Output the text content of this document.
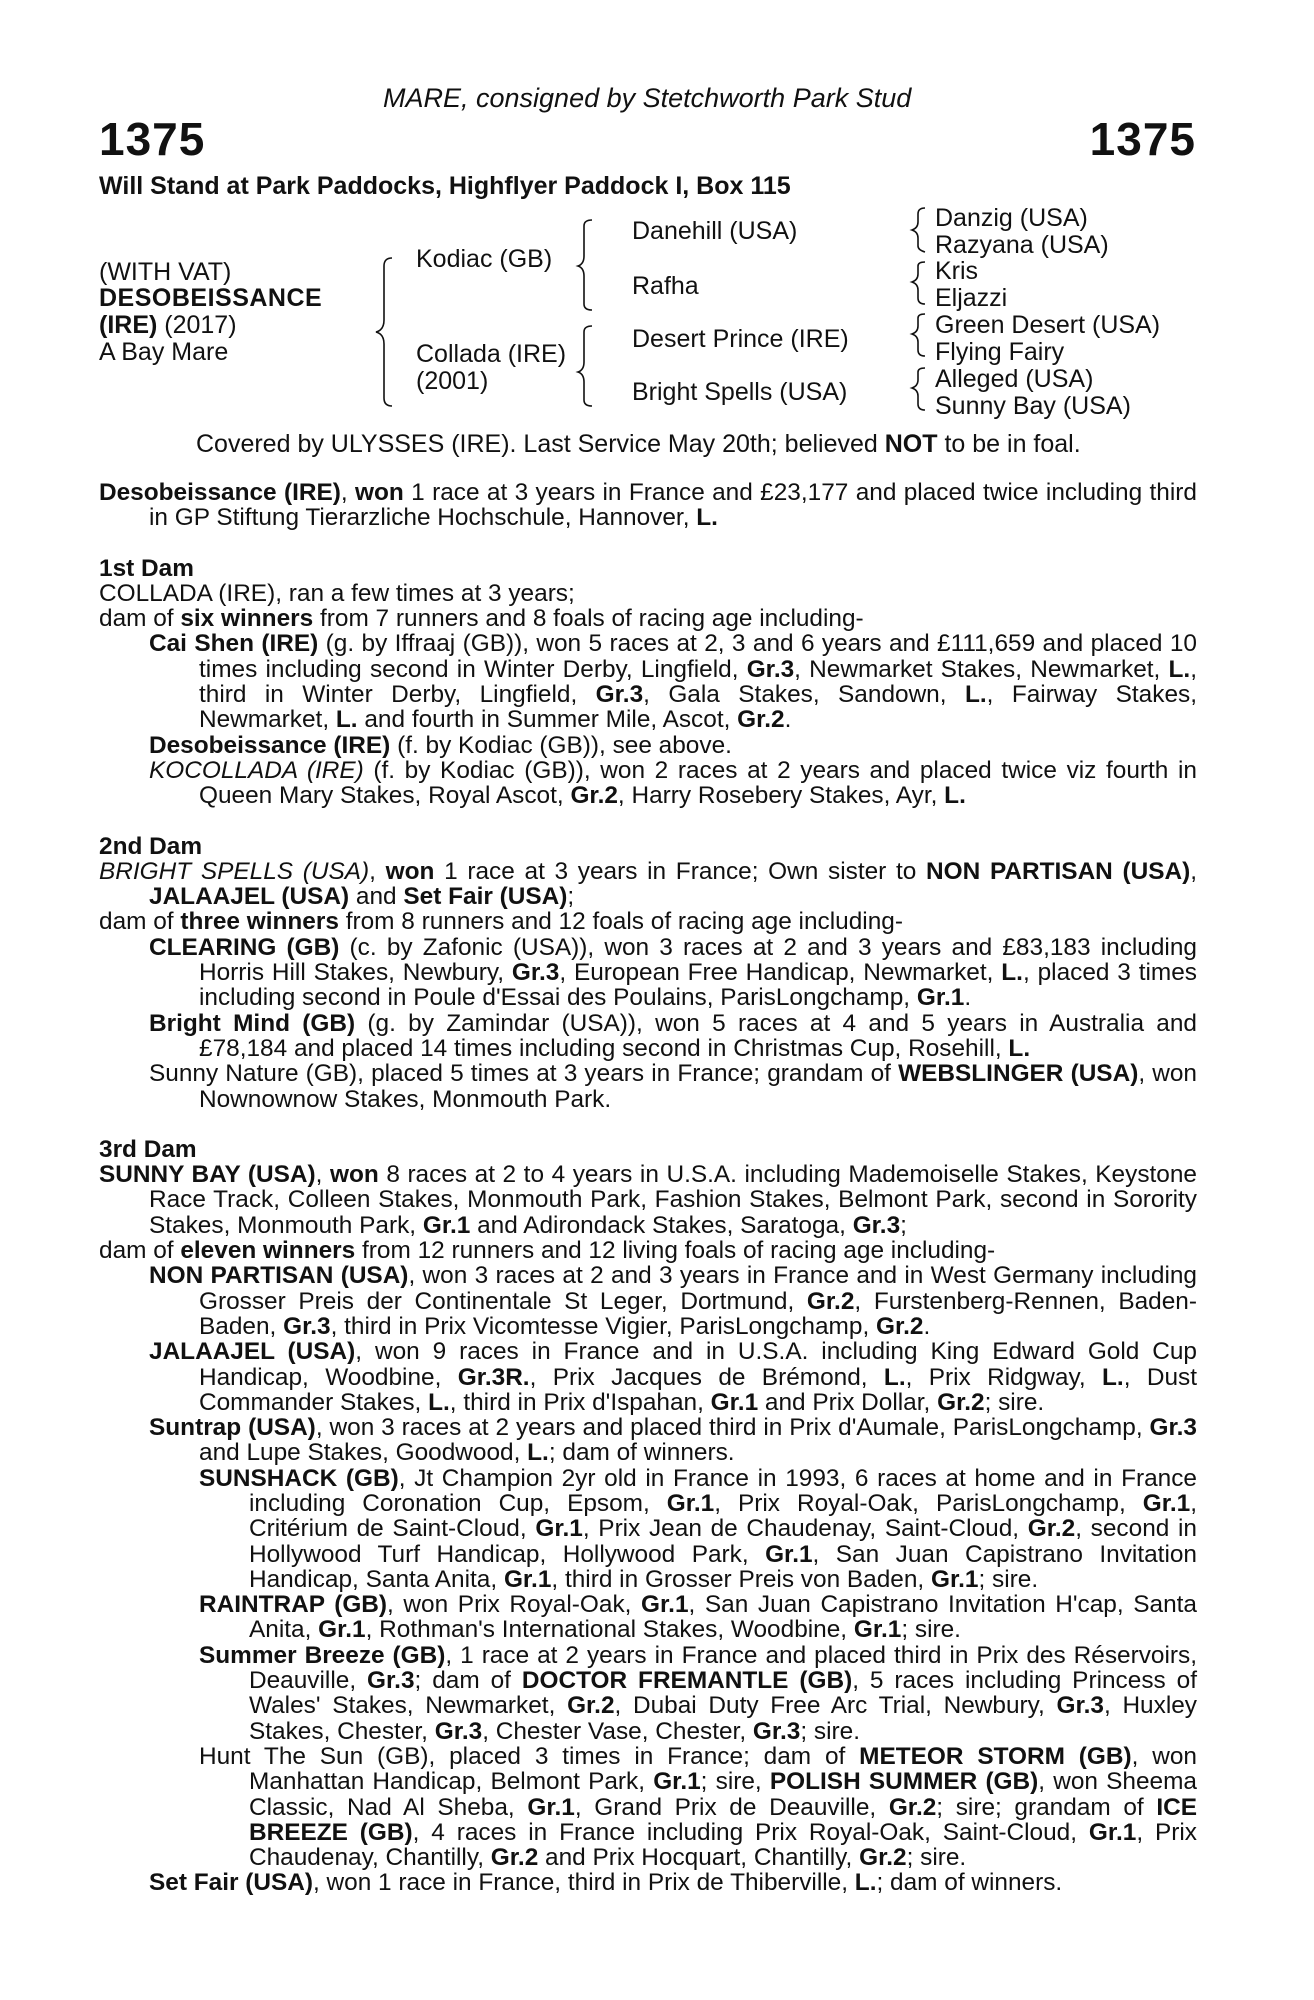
MARE, consigned by Stetchworth Park Stud
1375	1375
Will Stand at Park Paddocks, Highflyer Paddock I, Box 115
(WITH VAT)
DESOBEISSANCE
(IRE) (2017)
A Bay Mare
Kodiac (GB)
Collada (IRE)
(2001)
Danehill (USA)
Rafha
Desert Prince (IRE)
Bright Spells (USA)
Danzig (USA)
Razyana (USA)
Kris
Eljazzi
Green Desert (USA)
Flying Fairy
Alleged (USA)
Sunny Bay (USA)
Covered by ULYSSES (IRE). Last Service May 20th; believed NOT to be in foal.
Desobeissance (IRE), won 1 race at 3 years in France and £23,177 and placed twice including third in GP Stiftung Tierarzliche Hochschule, Hannover, L.
1st Dam
COLLADA (IRE), ran a few times at 3 years;
dam of six winners from 7 runners and 8 foals of racing age including-
Cai Shen (IRE) (g. by Iffraaj (GB)), won 5 races at 2, 3 and 6 years and £111,659 and placed 10 times including second in Winter Derby, Lingfield, Gr.3, Newmarket Stakes, Newmarket, L., third in Winter Derby, Lingfield, Gr.3, Gala Stakes, Sandown, L., Fairway Stakes, Newmarket, L. and fourth in Summer Mile, Ascot, Gr.2.
Desobeissance (IRE) (f. by Kodiac (GB)), see above.
KOCOLLADA (IRE) (f. by Kodiac (GB)), won 2 races at 2 years and placed twice viz fourth in Queen Mary Stakes, Royal Ascot, Gr.2, Harry Rosebery Stakes, Ayr, L.
2nd Dam
BRIGHT SPELLS (USA), won 1 race at 3 years in France; Own sister to NON PARTISAN (USA), JALAAJEL (USA) and Set Fair (USA);
dam of three winners from 8 runners and 12 foals of racing age including-
CLEARING (GB) (c. by Zafonic (USA)), won 3 races at 2 and 3 years and £83,183 including Horris Hill Stakes, Newbury, Gr.3, European Free Handicap, Newmarket, L., placed 3 times including second in Poule d'Essai des Poulains, ParisLongchamp, Gr.1.
Bright Mind (GB) (g. by Zamindar (USA)), won 5 races at 4 and 5 years in Australia and £78,184 and placed 14 times including second in Christmas Cup, Rosehill, L.
Sunny Nature (GB), placed 5 times at 3 years in France; grandam of WEBSLINGER (USA), won Nownownow Stakes, Monmouth Park.
3rd Dam
SUNNY BAY (USA), won 8 races at 2 to 4 years in U.S.A. including Mademoiselle Stakes, Keystone Race Track, Colleen Stakes, Monmouth Park, Fashion Stakes, Belmont Park, second in Sorority Stakes, Monmouth Park, Gr.1 and Adirondack Stakes, Saratoga, Gr.3;
dam of eleven winners from 12 runners and 12 living foals of racing age including-
NON PARTISAN (USA), won 3 races at 2 and 3 years in France and in West Germany including Grosser Preis der Continentale St Leger, Dortmund, Gr.2, Furstenberg-Rennen, Baden-Baden, Gr.3, third in Prix Vicomtesse Vigier, ParisLongchamp, Gr.2.
JALAAJEL (USA), won 9 races in France and in U.S.A. including King Edward Gold Cup Handicap, Woodbine, Gr.3R., Prix Jacques de Brémond, L., Prix Ridgway, L., Dust Commander Stakes, L., third in Prix d'Ispahan, Gr.1 and Prix Dollar, Gr.2; sire.
Suntrap (USA), won 3 races at 2 years and placed third in Prix d'Aumale, ParisLongchamp, Gr.3 and Lupe Stakes, Goodwood, L.; dam of winners.
SUNSHACK (GB), Jt Champion 2yr old in France in 1993, 6 races at home and in France including Coronation Cup, Epsom, Gr.1, Prix Royal-Oak, ParisLongchamp, Gr.1, Critérium de Saint-Cloud, Gr.1, Prix Jean de Chaudenay, Saint-Cloud, Gr.2, second in Hollywood Turf Handicap, Hollywood Park, Gr.1, San Juan Capistrano Invitation Handicap, Santa Anita, Gr.1, third in Grosser Preis von Baden, Gr.1; sire.
RAINTRAP (GB), won Prix Royal-Oak, Gr.1, San Juan Capistrano Invitation H'cap, Santa Anita, Gr.1, Rothman's International Stakes, Woodbine, Gr.1; sire.
Summer Breeze (GB), 1 race at 2 years in France and placed third in Prix des Réservoirs, Deauville, Gr.3; dam of DOCTOR FREMANTLE (GB), 5 races including Princess of Wales' Stakes, Newmarket, Gr.2, Dubai Duty Free Arc Trial, Newbury, Gr.3, Huxley Stakes, Chester, Gr.3, Chester Vase, Chester, Gr.3; sire.
Hunt The Sun (GB), placed 3 times in France; dam of METEOR STORM (GB), won Manhattan Handicap, Belmont Park, Gr.1; sire, POLISH SUMMER (GB), won Sheema Classic, Nad Al Sheba, Gr.1, Grand Prix de Deauville, Gr.2; sire; grandam of ICE BREEZE (GB), 4 races in France including Prix Royal-Oak, Saint-Cloud, Gr.1, Prix Chaudenay, Chantilly, Gr.2 and Prix Hocquart, Chantilly, Gr.2; sire.
Set Fair (USA), won 1 race in France, third in Prix de Thiberville, L.; dam of winners.
